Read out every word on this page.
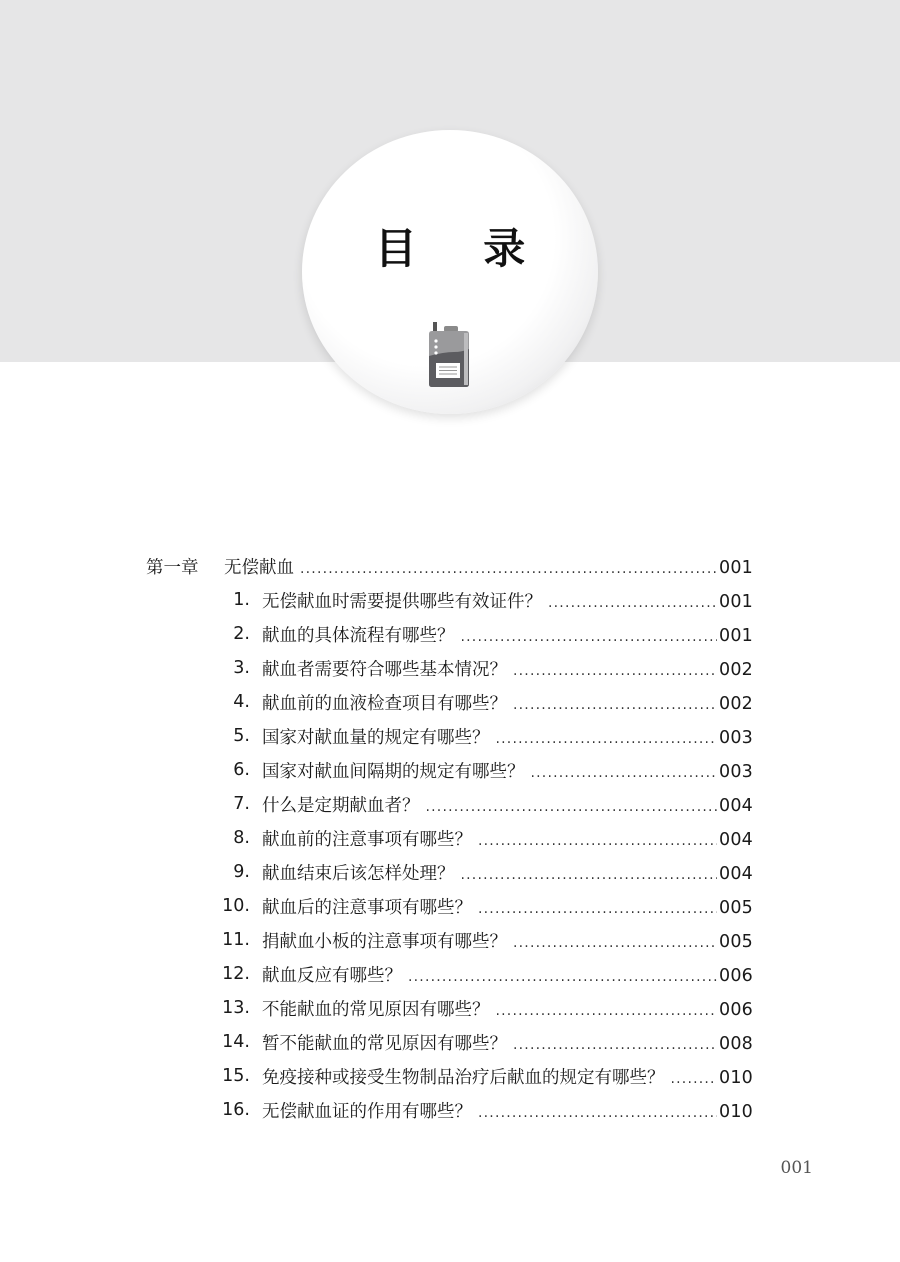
目 录
第一章	无偿献血 .....	001
1. 无偿献血时需要提供哪些有效证件？ .....	001
2. 献血的具体流程有哪些？ .....	001
3. 献血者需要符合哪些基本情况？ .....	002
4. 献血前的血液检查项目有哪些？ .....	002
5. 国家对献血量的规定有哪些？ .....	003
6. 国家对献血间隔期的规定有哪些？ .....	003
7. 什么是定期献血者？ .....	004
8. 献血前的注意事项有哪些？ .....	004
9. 献血结束后该怎样处理？ .....	004
10. 献血后的注意事项有哪些？ .....	005
11. 捐献血小板的注意事项有哪些？ .....	005
12. 献血反应有哪些？ .....	006
13. 不能献血的常见原因有哪些？ .....	006
14. 暂不能献血的常见原因有哪些？ .....	008
15. 免疫接种或接受生物制品治疗后献血的规定有哪些？ .....	010
16. 无偿献血证的作用有哪些？ .....	010
001
